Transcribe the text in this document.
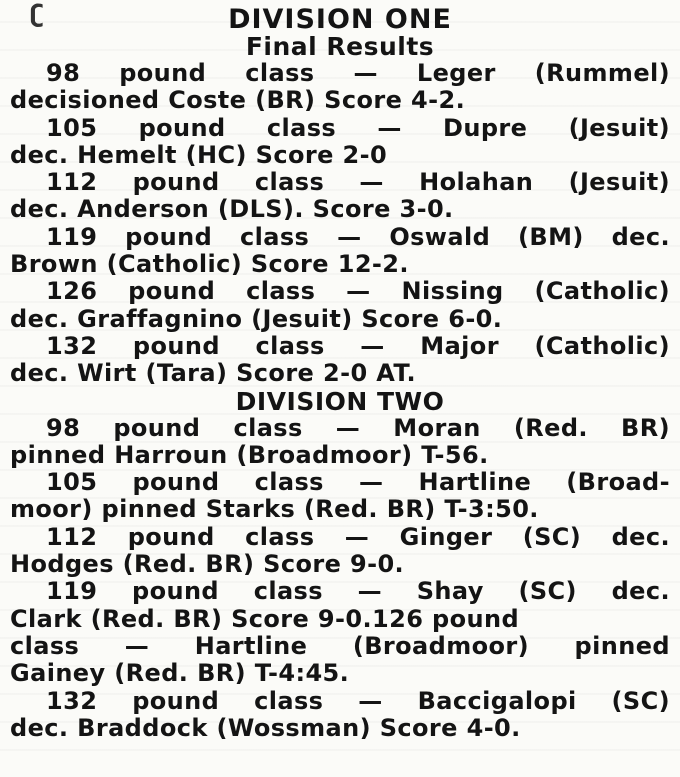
ʗ	DIVISION ONE
Final Results
98 pound class — Leger (Rummel)
decisioned Coste (BR) Score 4-2.
105 pound class — Dupre (Jesuit)
dec. Hemelt (HC) Score 2-0
112 pound class — Holahan (Jesuit)
dec. Anderson (DLS). Score 3-0.
119 pound class — Oswald (BM) dec.
Brown (Catholic) Score 12-2.
126 pound class — Nissing (Catholic)
dec. Graffagnino (Jesuit) Score 6-0.
132 pound class — Major (Catholic)
dec. Wirt (Tara) Score 2-0 AT.
DIVISION TWO
98 pound class — Moran (Red. BR)
pinned Harroun (Broadmoor) T-56.
105 pound class — Hartline (Broad-
moor) pinned Starks (Red. BR) T-3:50.
112 pound class — Ginger (SC) dec.
Hodges (Red. BR) Score 9-0.
119 pound class — Shay (SC) dec.
Clark (Red. BR) Score 9-0.126 pound
class — Hartline (Broadmoor) pinned
Gainey (Red. BR) T-4:45.
132 pound class — Baccigalopi (SC)
dec. Braddock (Wossman) Score 4-0.
